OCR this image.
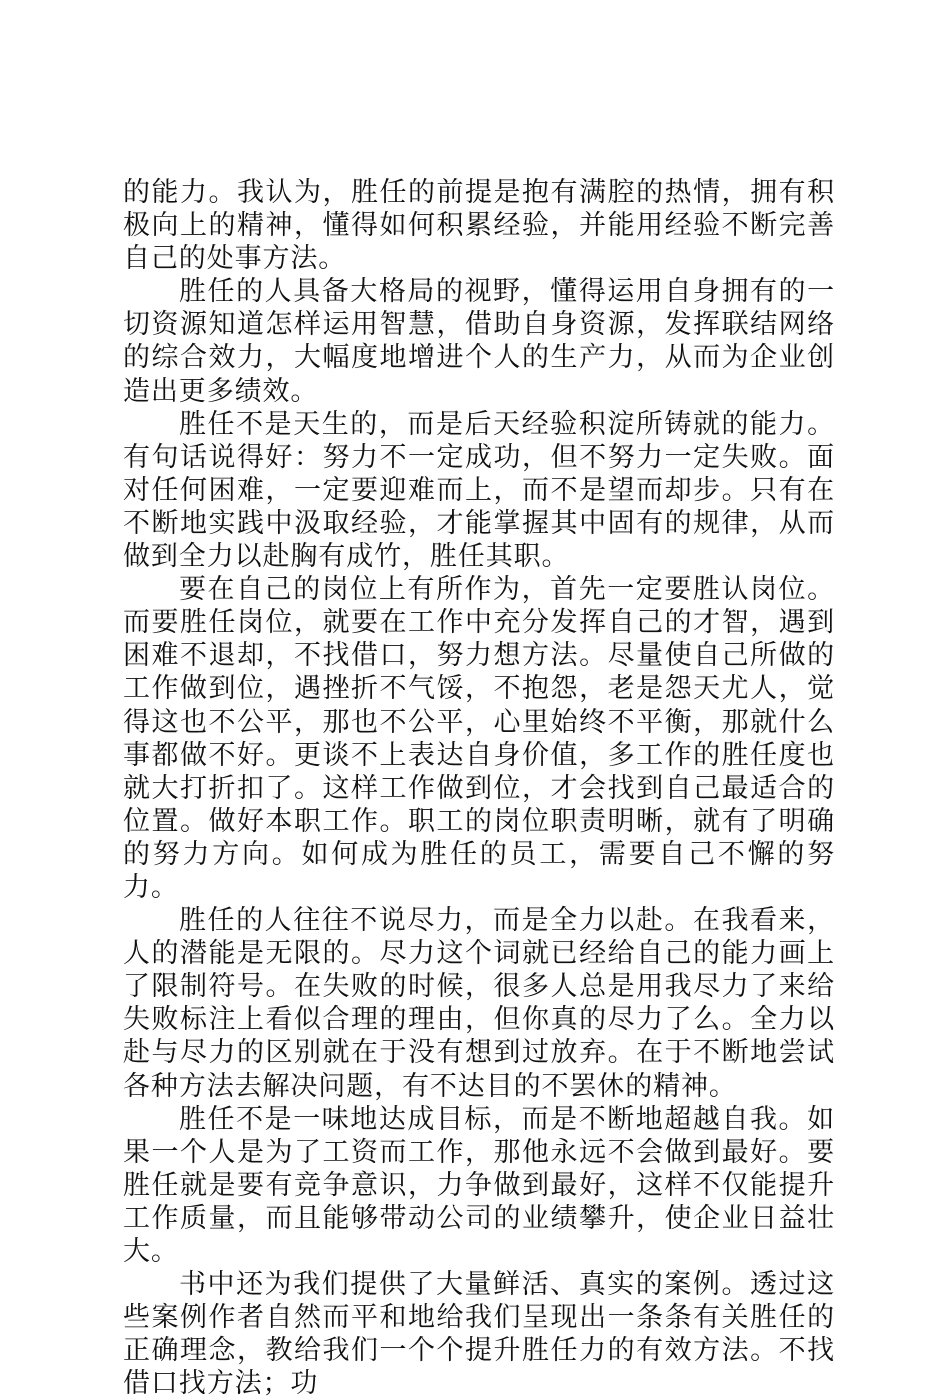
的能力。我认为，胜任的前提是抱有满腔的热情，拥有积极向上的精神，懂得如何积累经验，并能用经验不断完善自己的处事方法。

胜任的人具备大格局的视野，懂得运用自身拥有的一切资源知道怎样运用智慧，借助自身资源，发挥联结网络的综合效力，大幅度地增进个人的生产力，从而为企业创造出更多绩效。

胜任不是天生的，而是后天经验积淀所铸就的能力。有句话说得好：努力不一定成功，但不努力一定失败。面对任何困难，一定要迎难而上，而不是望而却步。只有在不断地实践中汲取经验，才能掌握其中固有的规律，从而做到全力以赴胸有成竹，胜任其职。

要在自己的岗位上有所作为，首先一定要胜认岗位。而要胜任岗位，就要在工作中充分发挥自己的才智，遇到困难不退却，不找借口，努力想方法。尽量使自己所做的工作做到位，遇挫折不气馁，不抱怨，老是怨天尤人，觉得这也不公平，那也不公平，心里始终不平衡，那就什么事都做不好。更谈不上表达自身价值，多工作的胜任度也就大打折扣了。这样工作做到位，才会找到自己最适合的位置。做好本职工作。职工的岗位职责明晰，就有了明确的努力方向。如何成为胜任的员工，需要自己不懈的努力。

胜任的人往往不说尽力，而是全力以赴。在我看来，人的潜能是无限的。尽力这个词就已经给自己的能力画上了限制符号。在失败的时候，很多人总是用我尽力了来给失败标注上看似合理的理由，但你真的尽力了么。全力以赴与尽力的区别就在于没有想到过放弃。在于不断地尝试各种方法去解决问题，有不达目的不罢休的精神。

胜任不是一味地达成目标，而是不断地超越自我。如果一个人是为了工资而工作，那他永远不会做到最好。要胜任就是要有竞争意识，力争做到最好，这样不仅能提升工作质量，而且能够带动公司的业绩攀升，使企业日益壮大。

书中还为我们提供了大量鲜活、真实的案例。透过这些案例作者自然而平和地给我们呈现出一条条有关胜任的正确理念，教给我们一个个提升胜任力的有效方法。不找借口找方法；功
